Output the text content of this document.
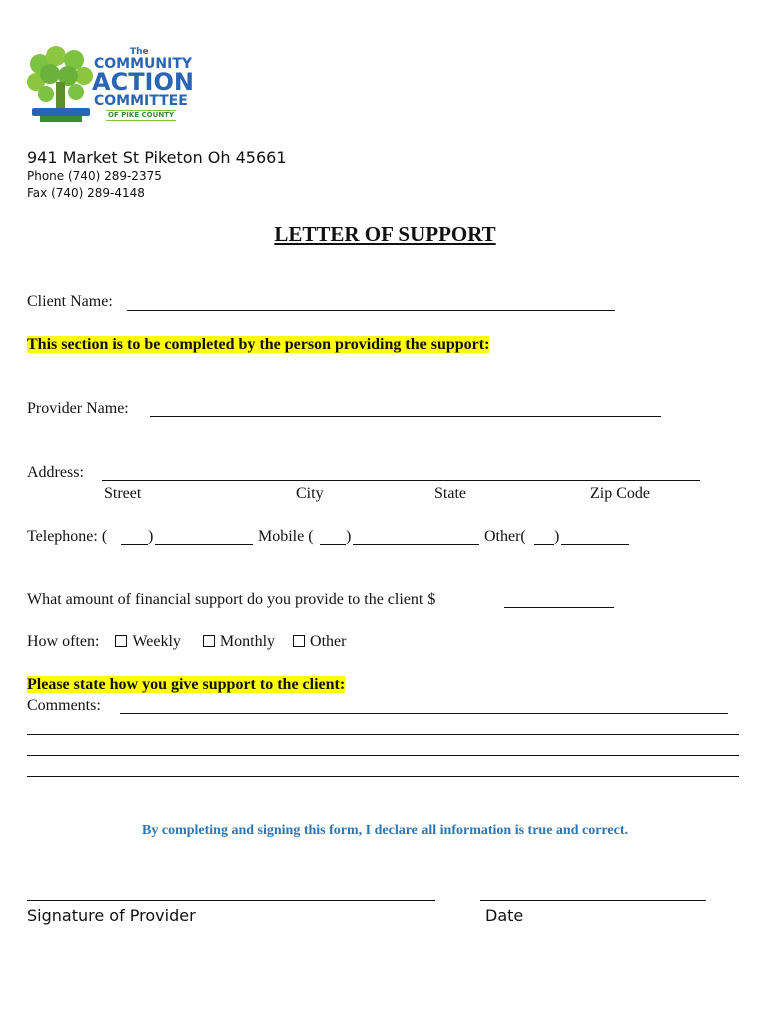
The
COMMUNITY
ACTION
COMMITTEE
OF PIKE COUNTY
941 Market St Piketon Oh 45661
Phone (740) 289-2375
Fax (740) 289-4148
LETTER OF SUPPORT
Client Name:
This section is to be completed by the person providing the support:
Provider Name:
Address:
Street	City	State	Zip Code
Telephone: (	)	Mobile ( )	Other( )
What amount of financial support do you provide to the client $
How often: Weekly Monthly Other
Please state how you give support to the client:
Comments:
By completing and signing this form, I declare all information is true and correct.
Signature of Provider	Date
